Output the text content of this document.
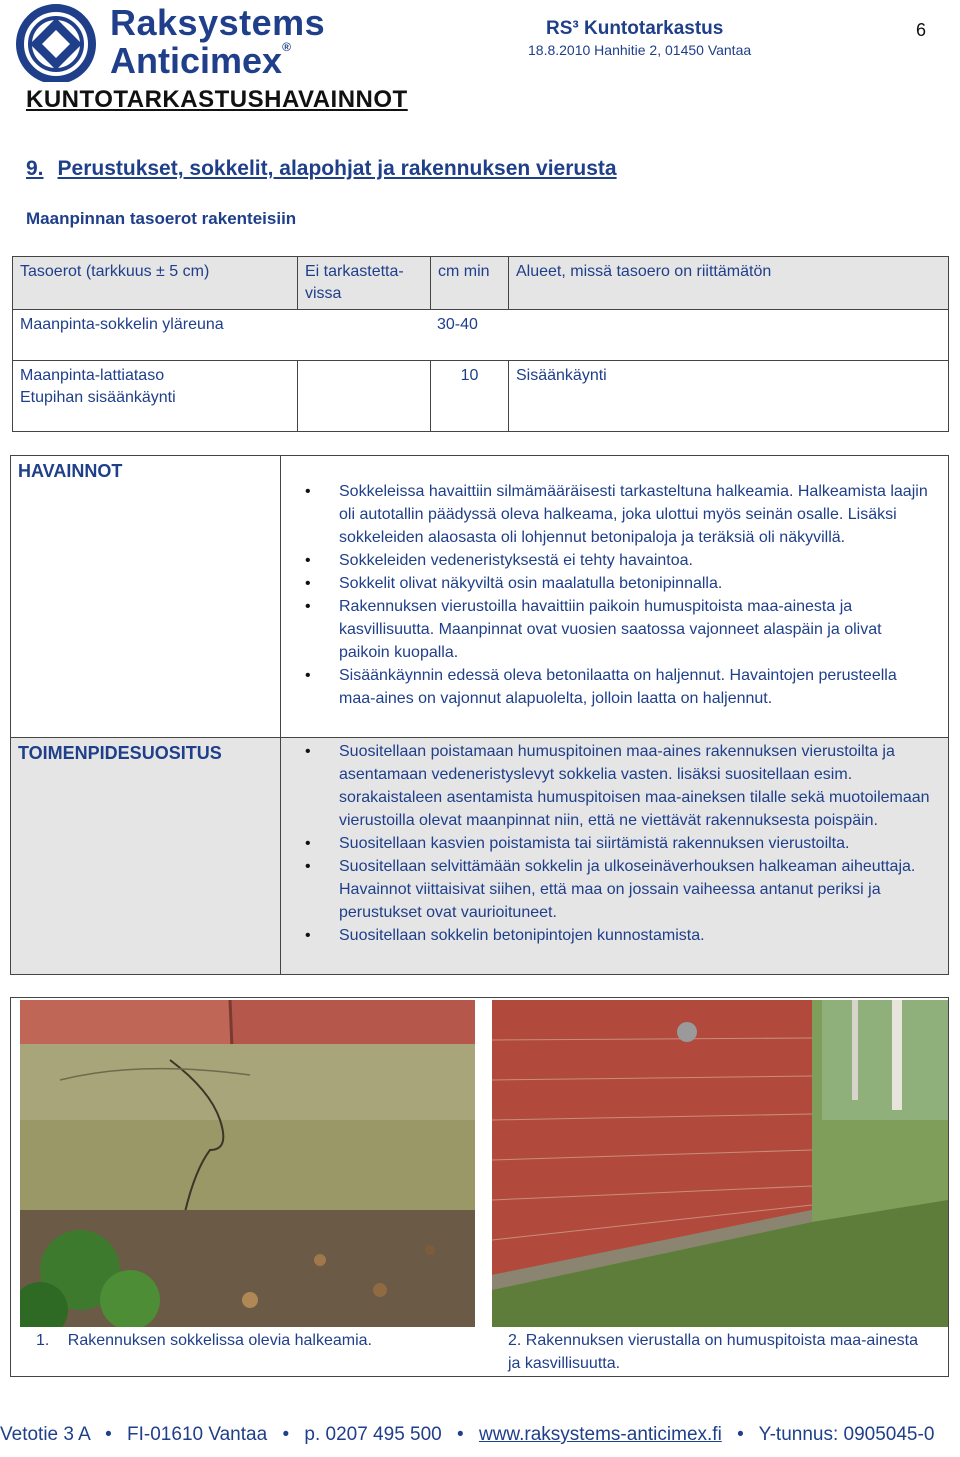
Raksystems
Anticimex®
RS³ Kuntotarkastus
18.8.2010 Hanhitie 2, 01450 Vantaa
6
KUNTOTARKASTUSHAVAINNOT
9. Perustukset, sokkelit, alapohjat ja rakennuksen vierusta
Maanpinnan tasoerot rakenteisiin
Tasoerot (tarkkuus ± 5 cm)	Ei tarkastetta-
vissa
cm min	Alueet, missä tasoero on riittämätön
Maanpinta-sokkelin yläreuna	30-40
Maanpinta-lattiataso
Etupihan sisäänkäynti
10	Sisäänkäynti
HAVAINNOT
• Sokkeleissa havaittiin silmämääräisesti tarkasteltuna halkeamia. Halkeamista laajin oli autotallin päädyssä oleva halkeama, joka ulottui myös seinän osalle. Lisäksi sokkeleiden alaosasta oli lohjennut betonipaloja ja teräksiä oli näkyvillä.
• Sokkeleiden vedeneristyksestä ei tehty havaintoa.
• Sokkelit olivat näkyviltä osin maalatulla betonipinnalla.
• Rakennuksen vierustoilla havaittiin paikoin humuspitoista maa-ainesta ja kasvillisuutta. Maanpinnat ovat vuosien saatossa vajonneet alaspäin ja olivat paikoin kuopalla.
• Sisäänkäynnin edessä oleva betonilaatta on haljennut. Havaintojen perusteella maa-aines on vajonnut alapuolelta, jolloin laatta on haljennut.
TOIMENPIDESUOSITUS
•	Suositellaan poistamaan humuspitoinen maa-aines rakennuksen vierustoilta ja asentamaan vedeneristyslevyt sokkelia vasten. lisäksi suositellaan esim. sorakaistaleen asentamista humuspitoisen maa-aineksen tilalle sekä muotoilemaan vierustoilla olevat maanpinnat niin, että ne viettävät rakennuksesta poispäin.
• Suositellaan kasvien poistamista tai siirtämistä rakennuksen vierustoilta.
• Suositellaan selvittämään sokkelin ja ulkoseinäverhouksen halkeaman aiheuttaja. Havainnot viittaisivat siihen, että maa on jossain vaiheessa antanut periksi ja perustukset ovat vaurioituneet.
• Suositellaan sokkelin betonipintojen kunnostamista.
1. Rakennuksen sokkelissa olevia halkeamia.	2. Rakennuksen vierustalla on humuspitoista maa-ainesta ja kasvillisuutta.
Vetotie 3 A • FI-01610 Vantaa • p. 0207 495 500 • www.raksystems-anticimex.fi • Y-tunnus: 0905045-0
